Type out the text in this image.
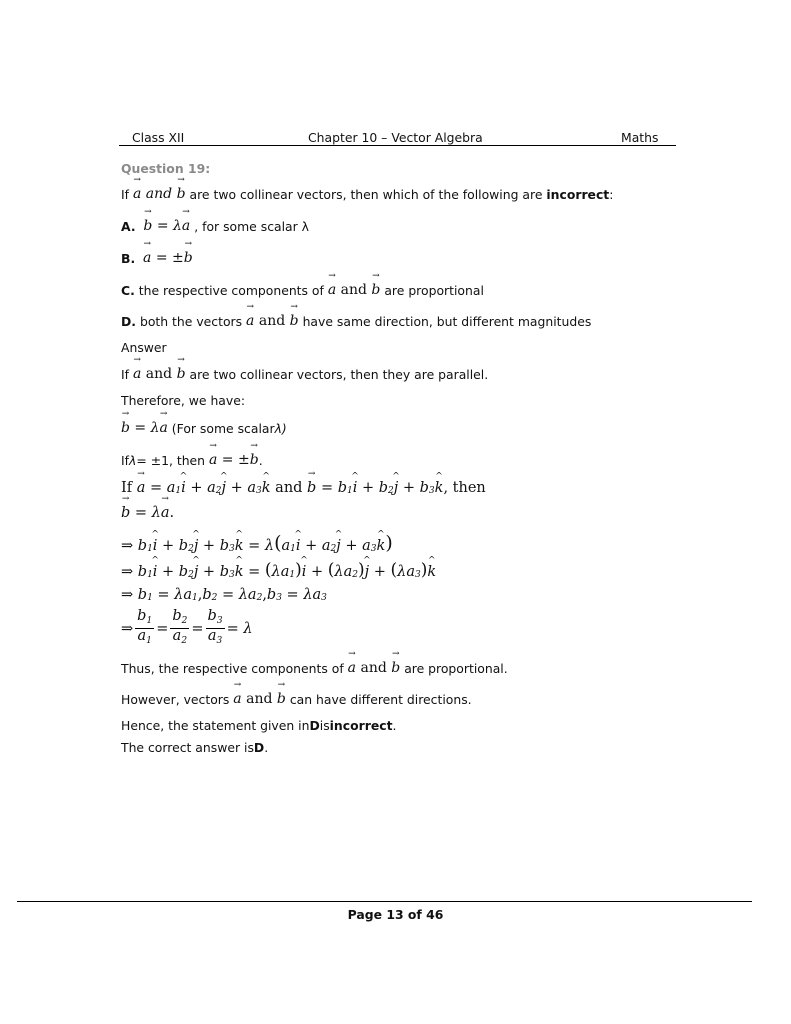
Class XII	Chapter 10 – Vector Algebra	Maths
Question 19:
If
→ a and → b
are two collinear vectors, then which of the following are
incorrect :
A.
→ b = λ→ a
, for some scalar λ
B.
→ a = ±→ b
C.
the respective components of
→ a and → b
are proportional
D.
both the vectors
→ a and → b
have same direction, but different magnitudes
Answer
If
→ a and → b
are two collinear vectors, then they are parallel.
Therefore, we have:
→ b = λ→ a
(For some scalar λ)
If λ = ±1, then
→ a = ±→ b .
If
→ $a = a_1$ ^ $i + a_2$ ^ $j + a_3$ ^ k
and
→ $b = b_1$ ^ $i + b_2$ ^ $j + b_3$ ^ k , then
→ b = λ → a .
⇒ $b_1$ ^ $i + b_2$ ^ $j + b_3$ ^ k = λ ( $a_1$ ^ $i + a_2$ ^ $j + a_3$ ^ k )
⇒ $b_1$ ^ $i + b_2$ ^ $j + b_3$ ^ k = ( $\lambda a_1$ ) ^ i + ( $\lambda a_2$ ) ^ j + ( $\lambda a_3$ ) ^ k
⇒ $b_1 = \lambda a$ 1 , $b_2 = \lambda a$ 2 , $b_3 = \lambda a$ 3
⇒ $\frac{b_1}{a_1} = \frac{b_2}{a_2} = \frac{b_3}{a_3} = \lambda$
Thus, the respective components of
→ a and → b
are proportional.
However, vectors
→ a and → b
can have different directions.
Hence, the statement given in D is incorrect .
The correct answer is D .
Page 13 of 46
